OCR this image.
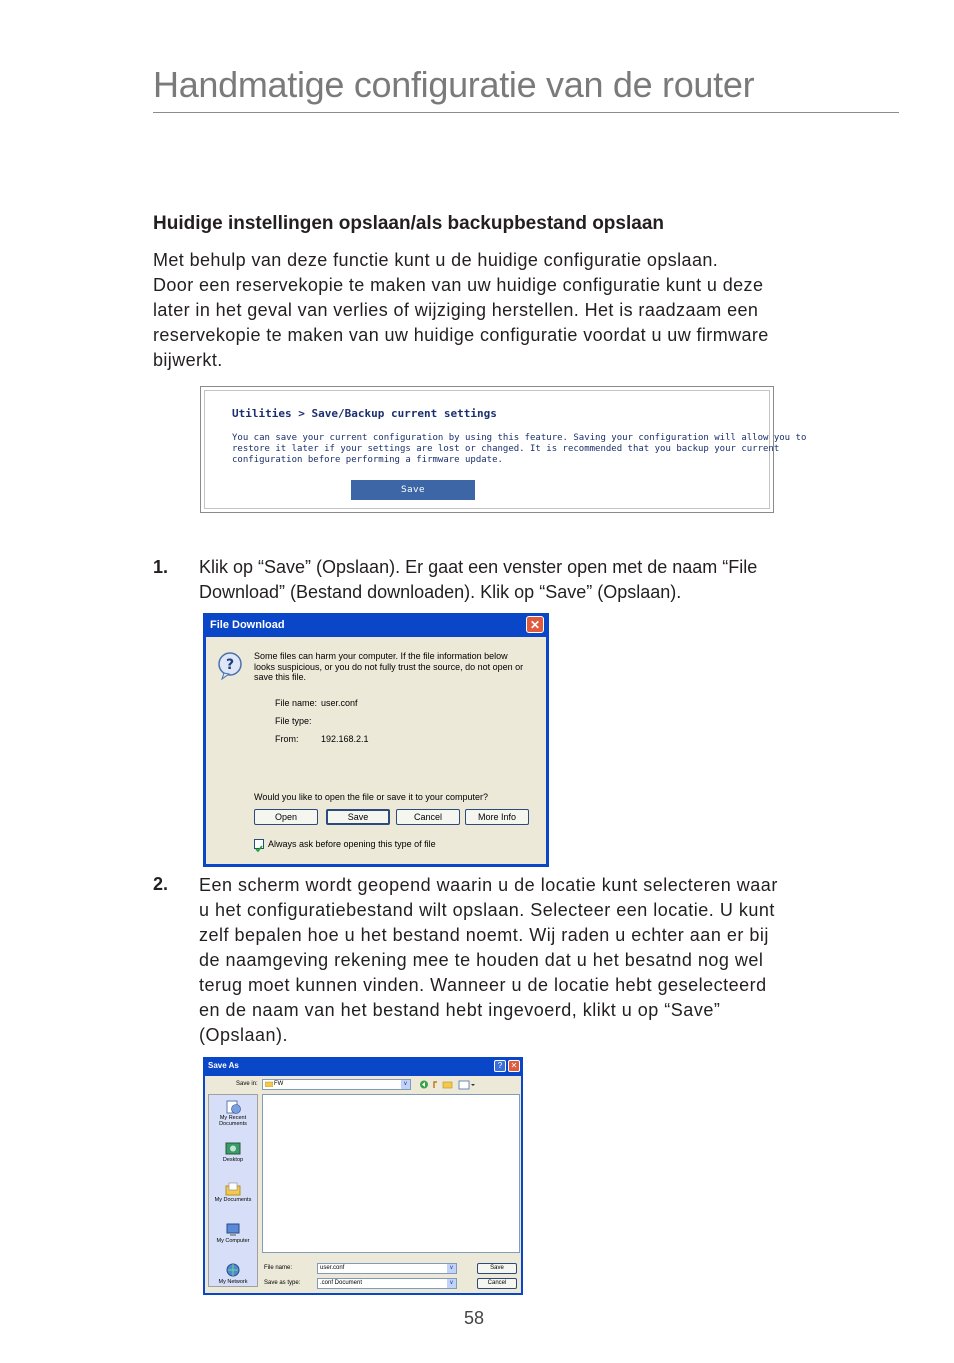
Handmatige configuratie van de router
Huidige instellingen opslaan/als backupbestand opslaan
Met behulp van deze functie kunt u de huidige configuratie opslaan.
Door een reservekopie te maken van uw huidige configuratie kunt u deze
later in het geval van verlies of wijziging herstellen. Het is raadzaam een
reservekopie te maken van uw huidige configuratie voordat u uw firmware
bijwerkt.
Utilities > Save/Backup current settings
You can save your current configuration by using this feature. Saving your configuration will allow you to
restore it later if your settings are lost or changed. It is recommended that you backup your current
configuration before performing a firmware update.
Save
1. Klik op “Save” (Opslaan). Er gaat een venster open met de naam “File
Download” (Bestand downloaden). Klik op “Save” (Opslaan).
File Download	✕
?
Some files can harm your computer. If the file information below
looks suspicious, or you do not fully trust the source, do not open or
save this file.
File name: user.conf
File type:
From:	192.168.2.1
Would you like to open the file or save it to your computer?
Open	Save	Cancel	More Info
Always ask before opening this type of file
2. Een scherm wordt geopend waarin u de locatie kunt selecteren waar
u het configuratiebestand wilt opslaan. Selecteer een locatie. U kunt
zelf bepalen hoe u het bestand noemt. Wij raden u echter aan er bij
de naamgeving rekening mee te houden dat u het besatnd nog wel
terug moet kunnen vinden. Wanneer u de locatie hebt geselecteerd
en de naam van het bestand hebt ingevoerd, klikt u op “Save”
(Opslaan).
Save As	?	✕
Save in:	FW	∨
My Recent Documents
Desktop
My Documents
My Computer
My Network
File name:	user.conf	∨
Save as type:	.conf Document	∨
Save
Cancel
58
